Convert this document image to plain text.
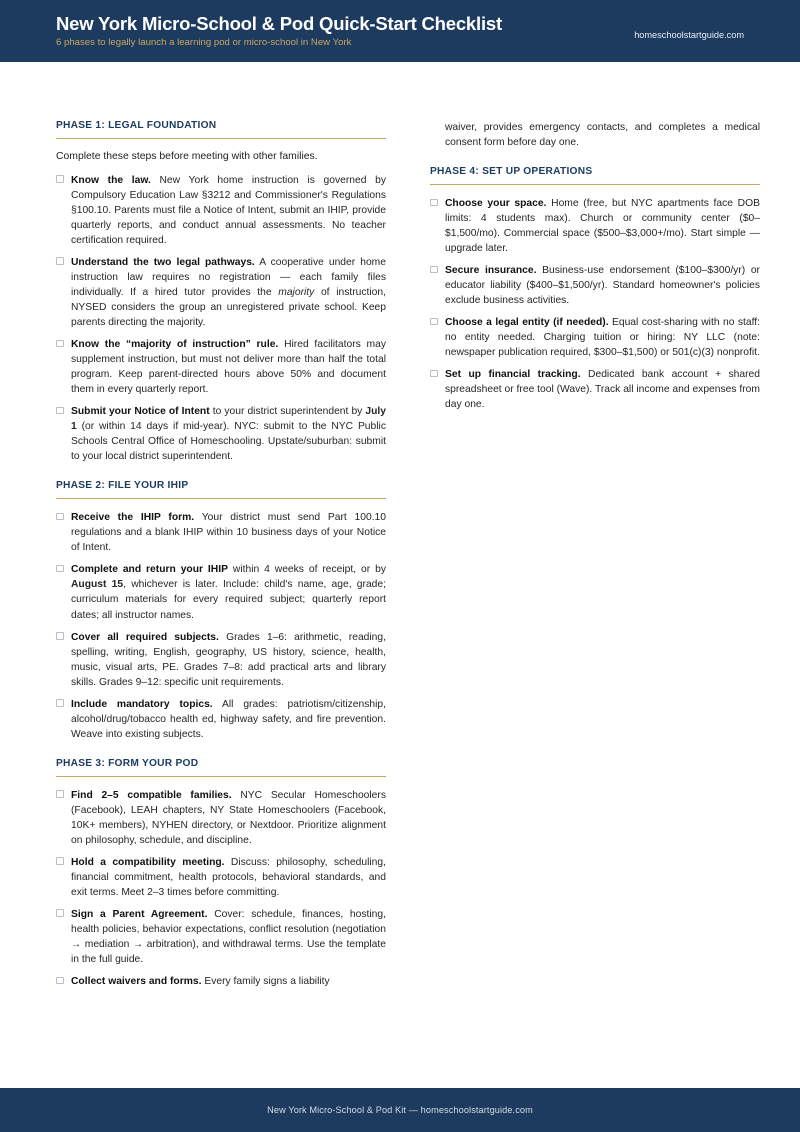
New York Micro-School & Pod Quick-Start Checklist

6 phases to legally launch a learning pod or micro-school in New York

homeschoolstartguide.com
PHASE 1: LEGAL FOUNDATION

Complete these steps before meeting with other families.

Know the law. New York home instruction is governed by Compulsory Education Law §3212 and Commissioner's Regulations §100.10. Parents must file a Notice of Intent, submit an IHIP, provide quarterly reports, and conduct annual assessments. No teacher certification required.
Understand the two legal pathways. A cooperative under home instruction law requires no registration — each family files individually. If a hired tutor provides the majority of instruction, NYSED considers the group an unregistered private school. Keep parents directing the majority.
Know the “majority of instruction” rule. Hired facilitators may supplement instruction, but must not deliver more than half the total program. Keep parent-directed hours above 50% and document them in every quarterly report.
Submit your Notice of Intent to your district superintendent by July 1 (or within 14 days if mid-year). NYC: submit to the NYC Public Schools Central Office of Homeschooling. Upstate/suburban: submit to your local district superintendent.
PHASE 2: FILE YOUR IHIP
Receive the IHIP form. Your district must send Part 100.10 regulations and a blank IHIP within 10 business days of your Notice of Intent.
Complete and return your IHIP within 4 weeks of receipt, or by August 15, whichever is later. Include: child's name, age, grade; curriculum materials for every required subject; quarterly report dates; all instructor names.
Cover all required subjects. Grades 1–6: arithmetic, reading, spelling, writing, English, geography, US history, science, health, music, visual arts, PE. Grades 7–8: add practical arts and library skills. Grades 9–12: specific unit requirements.
Include mandatory topics. All grades: patriotism/citizenship, alcohol/drug/tobacco health ed, highway safety, and fire prevention. Weave into existing subjects.
PHASE 3: FORM YOUR POD
Find 2–5 compatible families. NYC Secular Homeschoolers (Facebook), LEAH chapters, NY State Homeschoolers (Facebook, 10K+ members), NYHEN directory, or Nextdoor. Prioritize alignment on philosophy, schedule, and discipline.
Hold a compatibility meeting. Discuss: philosophy, scheduling, financial commitment, health protocols, behavioral standards, and exit terms. Meet 2–3 times before committing.
Sign a Parent Agreement. Cover: schedule, finances, hosting, health policies, behavior expectations, conflict resolution (negotiation → mediation → arbitration), and withdrawal terms. Use the template in the full guide.
Collect waivers and forms. Every family signs a liability

waiver, provides emergency contacts, and completes a medical consent form before day one.

PHASE 4: SET UP OPERATIONS
Choose your space. Home (free, but NYC apartments face DOB limits: 4 students max). Church or community center ($0–$1,500/mo). Commercial space ($500–$3,000+/mo). Start simple — upgrade later.
Secure insurance. Business-use endorsement ($100–$300/yr) or educator liability ($400–$1,500/yr). Standard homeowner's policies exclude business activities.
Choose a legal entity (if needed). Equal cost-sharing with no staff: no entity needed. Charging tuition or hiring: NY LLC (note: newspaper publication required, $300–$1,500) or 501(c)(3) nonprofit.
Set up financial tracking. Dedicated bank account + shared spreadsheet or free tool (Wave). Track all income and expenses from day one.
New York Micro-School & Pod Kit — homeschoolstartguide.com
